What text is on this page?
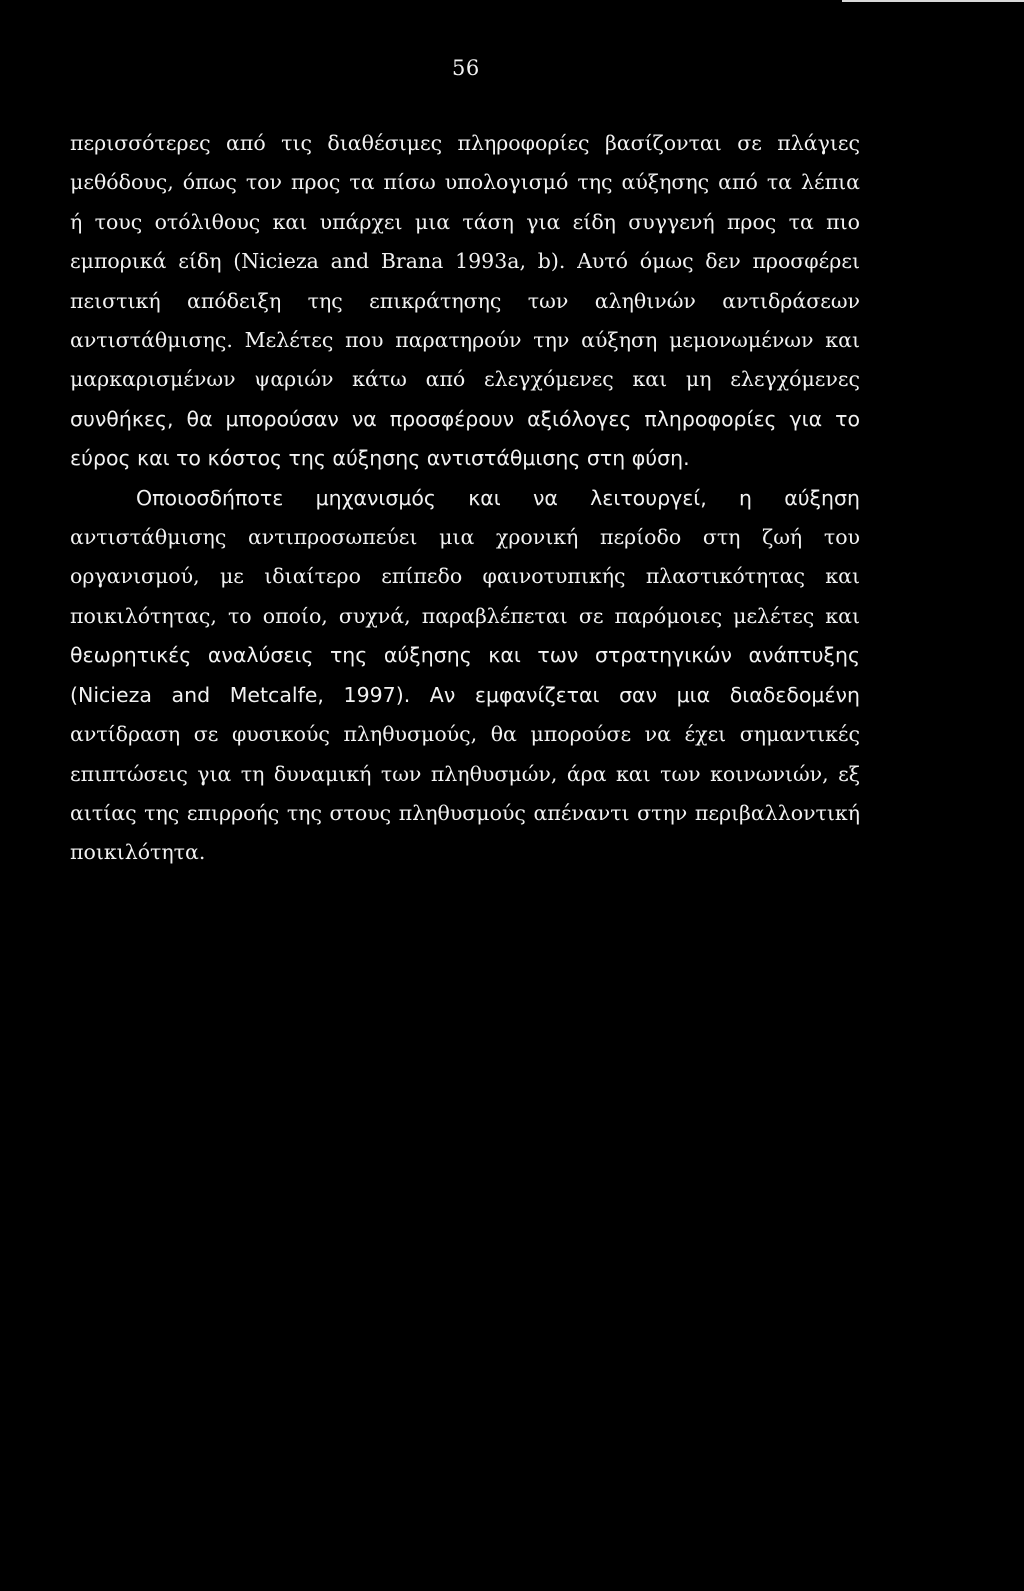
56
περισσότερες από τις διαθέσιμες πληροφορίες βασίζονται σε πλάγιες
μεθόδους, όπως τον προς τα πίσω υπολογισμό της αύξησης από τα λέπια
ή τους οτόλιθους και υπάρχει μια τάση για είδη συγγενή προς τα πιο
εμπορικά είδη (Nicieza and Brana 1993a, b). Αυτό όμως δεν προσφέρει
πειστική απόδειξη της επικράτησης των αληθινών αντιδράσεων
αντιστάθμισης. Μελέτες που παρατηρούν την αύξηση μεμονωμένων και
μαρκαρισμένων ψαριών κάτω από ελεγχόμενες και μη ελεγχόμενες
συνθήκες, θα μπορούσαν να προσφέρουν αξιόλογες πληροφορίες για το
εύρος και το κόστος της αύξησης αντιστάθμισης στη φύση.
Οποιοσδήποτε μηχανισμός και να λειτουργεί, η αύξηση
αντιστάθμισης αντιπροσωπεύει μια χρονική περίοδο στη ζωή του
οργανισμού, με ιδιαίτερο επίπεδο φαινοτυπικής πλαστικότητας και
ποικιλότητας, το οποίο, συχνά, παραβλέπεται σε παρόμοιες μελέτες και
θεωρητικές αναλύσεις της αύξησης και των στρατηγικών ανάπτυξης
(Nicieza and Metcalfe, 1997). Αν εμφανίζεται σαν μια διαδεδομένη
αντίδραση σε φυσικούς πληθυσμούς, θα μπορούσε να έχει σημαντικές
επιπτώσεις για τη δυναμική των πληθυσμών, άρα και των κοινωνιών, εξ
αιτίας της επιρροής της στους πληθυσμούς απέναντι στην περιβαλλοντική
ποικιλότητα.
